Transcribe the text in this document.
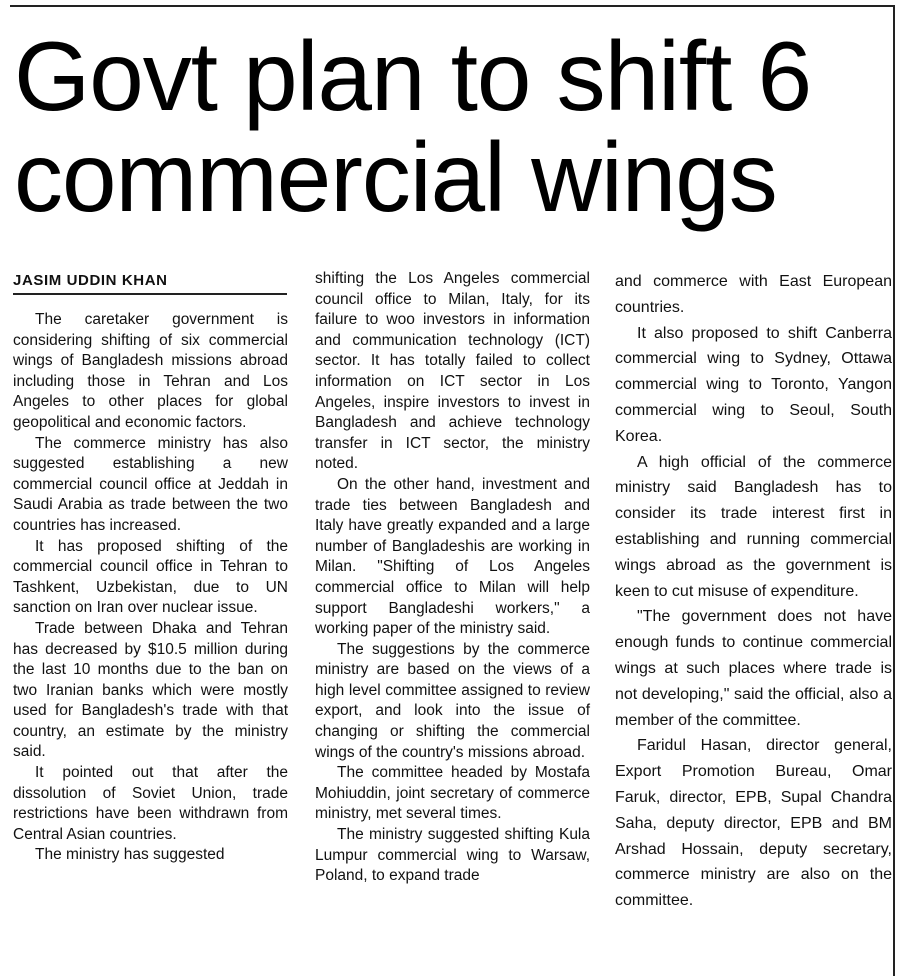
Govt plan to shift 6 commercial wings
JASIM UDDIN KHAN

The caretaker government is considering shifting of six commercial wings of Bangladesh missions abroad including those in Tehran and Los Angeles to other places for global geopolitical and economic factors.

The commerce ministry has also suggested establishing a new commercial council office at Jeddah in Saudi Arabia as trade between the two countries has increased.

It has proposed shifting of the commercial council office in Tehran to Tashkent, Uzbekistan, due to UN sanction on Iran over nuclear issue.

Trade between Dhaka and Tehran has decreased by $10.5 million during the last 10 months due to the ban on two Iranian banks which were mostly used for Bangladesh's trade with that country, an estimate by the ministry said.

It pointed out that after the dissolution of Soviet Union, trade restrictions have been withdrawn from Central Asian countries.

The ministry has suggested

shifting the Los Angeles commercial council office to Milan, Italy, for its failure to woo investors in information and communication technology (ICT) sector. It has totally failed to collect information on ICT sector in Los Angeles, inspire investors to invest in Bangladesh and achieve technology transfer in ICT sector, the ministry noted.

On the other hand, investment and trade ties between Bangladesh and Italy have greatly expanded and a large number of Bangladeshis are working in Milan. "Shifting of Los Angeles commercial office to Milan will help support Bangladeshi workers," a working paper of the ministry said.

The suggestions by the commerce ministry are based on the views of a high level committee assigned to review export, and look into the issue of changing or shifting the commercial wings of the country's missions abroad.

The committee headed by Mostafa Mohiuddin, joint secretary of commerce ministry, met several times.

The ministry suggested shifting Kula Lumpur commercial wing to Warsaw, Poland, to expand trade

and commerce with East European countries.

It also proposed to shift Canberra commercial wing to Sydney, Ottawa commercial wing to Toronto, Yangon commercial wing to Seoul, South Korea.

A high official of the commerce ministry said Bangladesh has to consider its trade interest first in establishing and running commercial wings abroad as the government is keen to cut misuse of expenditure.

"The government does not have enough funds to continue commercial wings at such places where trade is not developing," said the official, also a member of the committee.

Faridul Hasan, director general, Export Promotion Bureau, Omar Faruk, director, EPB, Supal Chandra Saha, deputy director, EPB and BM Arshad Hossain, deputy secretary, commerce ministry are also on the committee.
